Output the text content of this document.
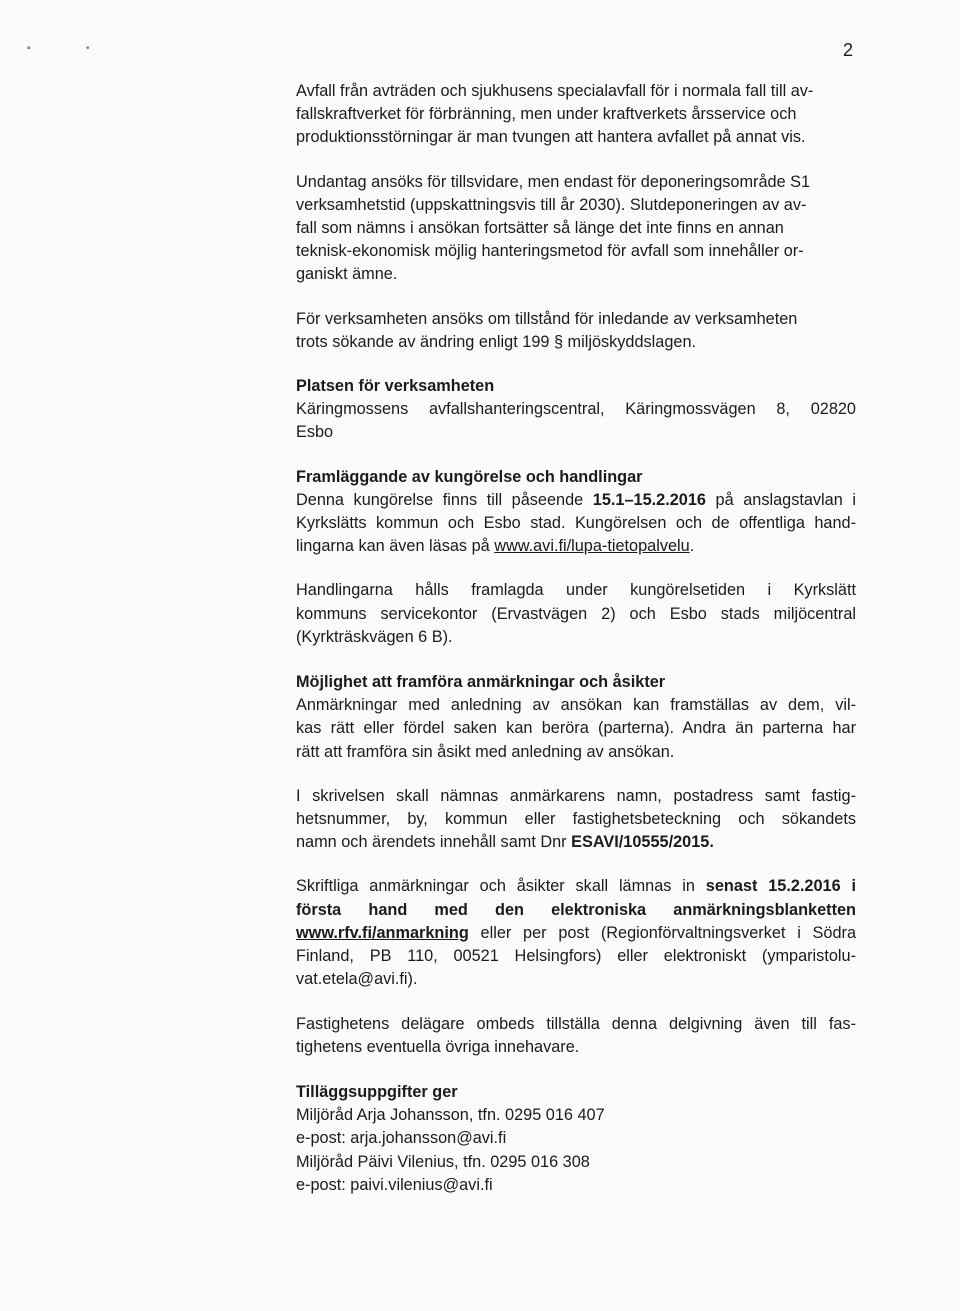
2
▪	•

Avfall från avträden och sjukhusens specialavfall för i normala fall till av-
fallskraftverket för förbränning, men under kraftverkets årsservice och
produktionsstörningar är man tvungen att hantera avfallet på annat vis.

Undantag ansöks för tillsvidare, men endast för deponeringsområde S1
verksamhetstid (uppskattningsvis till år 2030). Slutdeponeringen av av-
fall som nämns i ansökan fortsätter så länge det inte finns en annan
teknisk-ekonomisk möjlig hanteringsmetod för avfall som innehåller or-
ganiskt ämne.

För verksamheten ansöks om tillstånd för inledande av verksamheten
trots sökande av ändring enligt 199 § miljöskyddslagen.

Platsen för verksamheten
Käringmossens avfallshanteringscentral, Käringmossvägen 8, 02820
Esbo
Framläggande av kungörelse och handlingar
Denna kungörelse finns till påseende 15.1–15.2.2016 på anslagstavlan i
Kyrkslätts kommun och Esbo stad. Kungörelsen och de offentliga hand-
lingarna kan även läsas på www.avi.fi/lupa-tietopalvelu.

Handlingarna hålls framlagda under kungörelsetiden i Kyrkslätt
kommuns servicekontor (Ervastvägen 2) och Esbo stads miljöcentral
(Kyrkträskvägen 6 B).

Möjlighet att framföra anmärkningar och åsikter
Anmärkningar med anledning av ansökan kan framställas av dem, vil-
kas rätt eller fördel saken kan beröra (parterna). Andra än parterna har
rätt att framföra sin åsikt med anledning av ansökan.

I skrivelsen skall nämnas anmärkarens namn, postadress samt fastig-
hetsnummer, by, kommun eller fastighetsbeteckning och sökandets
namn och ärendets innehåll samt Dnr ESAVI/10555/2015.

Skriftliga anmärkningar och åsikter skall lämnas in senast 15.2.2016 i
första hand med den elektroniska anmärkningsblanketten
www.rfv.fi/anmarkning eller per post (Regionförvaltningsverket i Södra
Finland, PB 110, 00521 Helsingfors) eller elektroniskt (ymparistolu-
vat.etela@avi.fi).

Fastighetens delägare ombeds tillställa denna delgivning även till fas-
tighetens eventuella övriga innehavare.

Tilläggsuppgifter ger
Miljöråd Arja Johansson, tfn. 0295 016 407
e-post: arja.johansson@avi.fi
Miljöråd Päivi Vilenius, tfn. 0295 016 308
e-post: paivi.vilenius@avi.fi
